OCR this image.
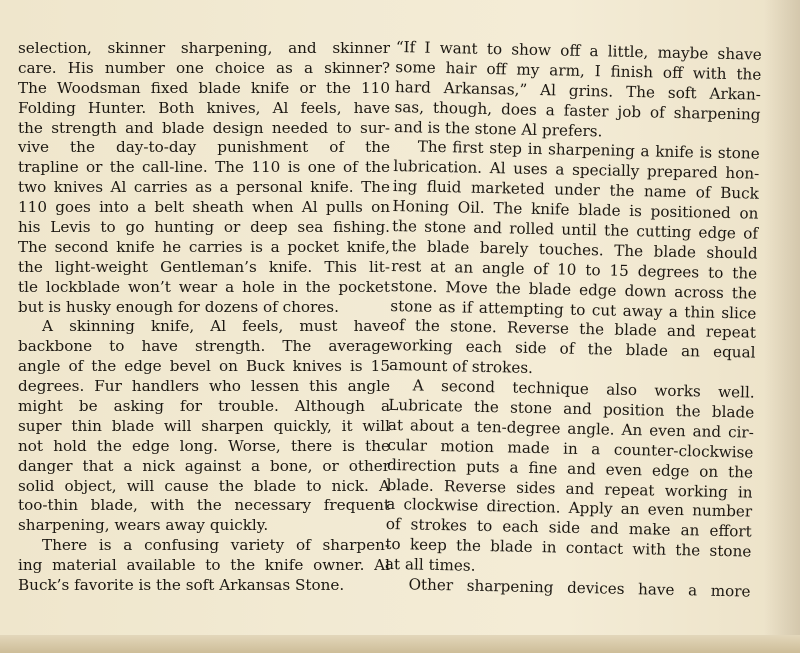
selection, skinner sharpening, and skinner
care. His number one choice as a skinner?
The Woodsman fixed blade knife or the 110
Folding Hunter. Both knives, Al feels, have
the strength and blade design needed to sur-
vive the day-to-day punishment of the
trapline or the call-line. The 110 is one of the
two knives Al carries as a personal knife. The
110 goes into a belt sheath when Al pulls on
his Levis to go hunting or deep sea fishing.
The second knife he carries is a pocket knife,
the light-weight Gentleman’s knife. This lit-
tle lockblade won’t wear a hole in the pocket
but is husky enough for dozens of chores.
A skinning knife, Al feels, must have
backbone to have strength. The average
angle of the edge bevel on Buck knives is 15
degrees. Fur handlers who lessen this angle
might be asking for trouble. Although a
super thin blade will sharpen quickly, it will
not hold the edge long. Worse, there is the
danger that a nick against a bone, or other
solid object, will cause the blade to nick. A
too-thin blade, with the necessary frequent
sharpening, wears away quickly.
There is a confusing variety of sharpen-
ing material available to the knife owner. Al
Buck’s favorite is the soft Arkansas Stone.
“If I want to show off a little, maybe shave
some hair off my arm, I finish off with the
hard Arkansas,” Al grins. The soft Arkan-
sas, though, does a faster job of sharpening
and is the stone Al prefers.
The first step in sharpening a knife is stone
lubrication. Al uses a specially prepared hon-
ing fluid marketed under the name of Buck
Honing Oil. The knife blade is positioned on
the stone and rolled until the cutting edge of
the blade barely touches. The blade should
rest at an angle of 10 to 15 degrees to the
stone. Move the blade edge down across the
stone as if attempting to cut away a thin slice
of the stone. Reverse the blade and repeat
working each side of the blade an equal
amount of strokes.
A second technique also works well.
Lubricate the stone and position the blade
at about a ten-degree angle. An even and cir-
cular motion made in a counter-clockwise
direction puts a fine and even edge on the
blade. Reverse sides and repeat working in
a clockwise direction. Apply an even number
of strokes to each side and make an effort
to keep the blade in contact with the stone
at all times.
Other sharpening devices have a more
